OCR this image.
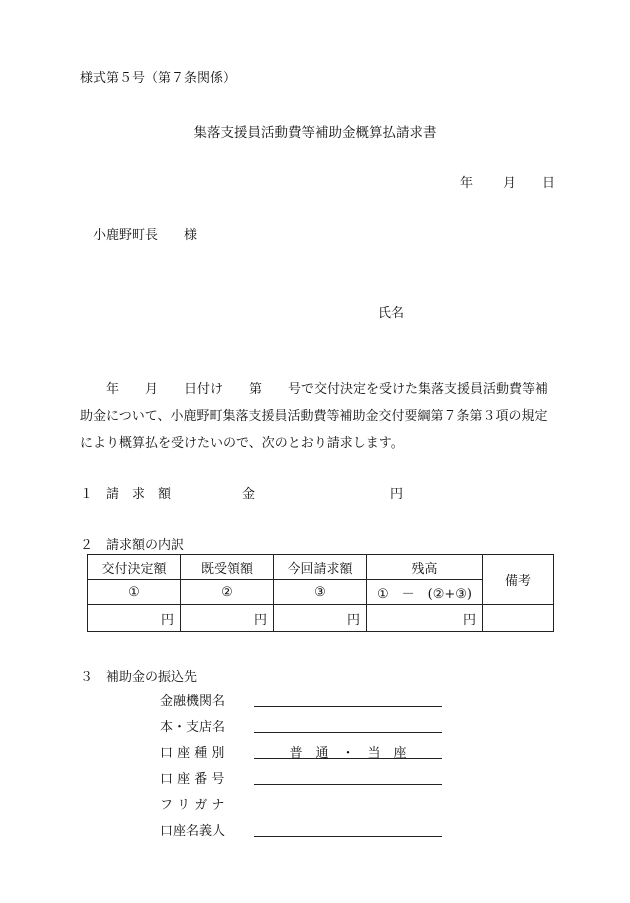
様式第５号（第７条関係）
集落支援員活動費等補助金概算払請求書
年 月 日
小鹿野町長　　様
氏名
　　年　　月　　日付け　　第　　号で交付決定を受けた集落支援員活動費等補
助金について、小鹿野町集落支援員活動費等補助金交付要綱第７条第３項の規定
により概算払を受けたいので、次のとおり請求します。
１　請　求　額	金	円
２　請求額の内訳
交付決定額	既受領額	今回請求額	残高	備考
①	②	③	①　－　(②+③)	
円	円	円	円	
３　補助金の振込先
金融機関名
本・支店名
口 座 種 別	普　通　・　当　座
口 座 番 号
フ リ ガ ナ
口座名義人
